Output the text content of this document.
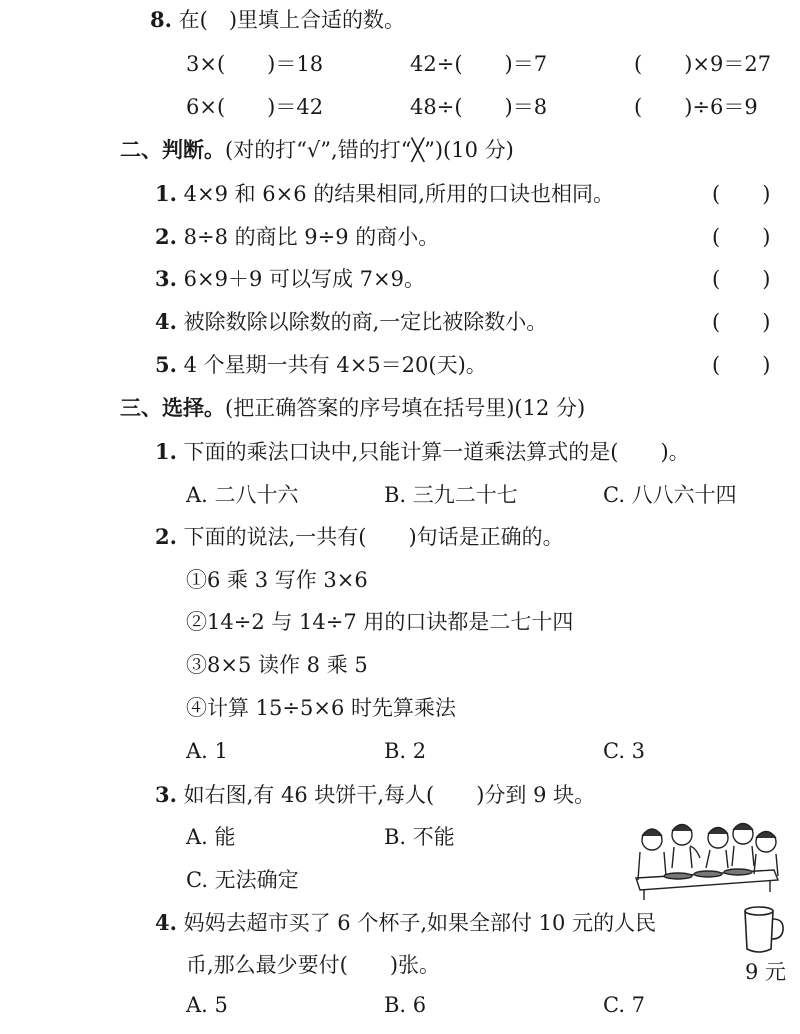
8. 在(　)里填上合适的数。
3×(　　)＝18	42÷(　　)＝7	(　　)×9＝27
6×(　　)＝42	48÷(　　)＝8	(　　)÷6＝9
二、判断。(对的打“√”,错的打“╳”)(10 分)
1. 4×9 和 6×6 的结果相同,所用的口诀也相同。	(　　)
2. 8÷8 的商比 9÷9 的商小。	(　　)
3. 6×9＋9 可以写成 7×9。	(　　)
4. 被除数除以除数的商,一定比被除数小。	(　　)
5. 4 个星期一共有 4×5＝20(天)。	(　　)
三、选择。(把正确答案的序号填在括号里)(12 分)
1. 下面的乘法口诀中,只能计算一道乘法算式的是(　　)。
A. 二八十六	B. 三九二十七	C. 八八六十四
2. 下面的说法,一共有(　　)句话是正确的。
①6 乘 3 写作 3×6
②14÷2 与 14÷7 用的口诀都是二七十四
③8×5 读作 8 乘 5
④计算 15÷5×6 时先算乘法
A. 1	B. 2	C. 3
3. 如右图,有 46 块饼干,每人(　　)分到 9 块。
A. 能	B. 不能
C. 无法确定
4. 妈妈去超市买了 6 个杯子,如果全部付 10 元的人民
币,那么最少要付(　　)张。
A. 5	B. 6	C. 7
9 元
